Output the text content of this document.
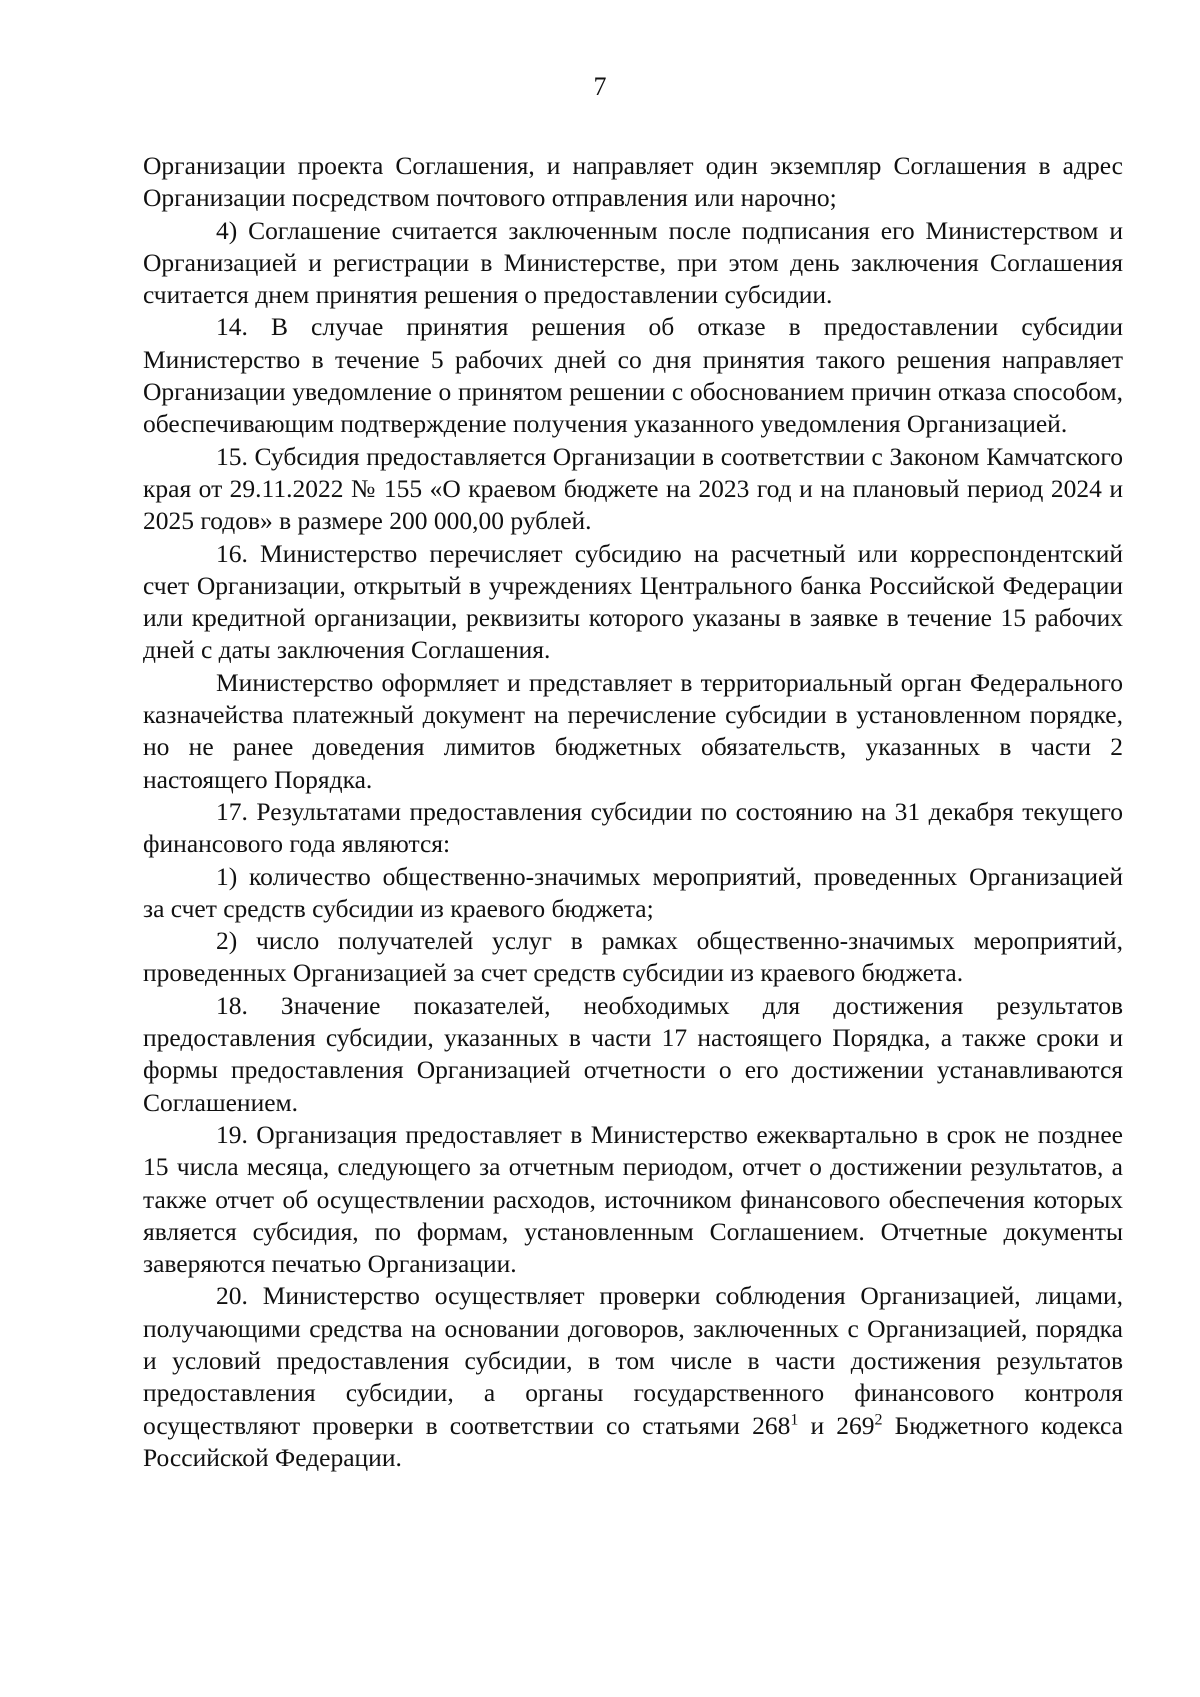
7

Организации проекта Соглашения, и направляет один экземпляр Соглашения в адрес Организации посредством почтового отправления или нарочно;

4) Соглашение считается заключенным после подписания его Министерством и Организацией и регистрации в Министерстве, при этом день заключения Соглашения считается днем принятия решения о предоставлении субсидии.

14. В случае принятия решения об отказе в предоставлении субсидии Министерство в течение 5 рабочих дней со дня принятия такого решения направляет Организации уведомление о принятом решении с обоснованием причин отказа способом, обеспечивающим подтверждение получения указанного уведомления Организацией.

15. Субсидия предоставляется Организации в соответствии с Законом Камчатского края от 29.11.2022 № 155 «О краевом бюджете на 2023 год и на плановый период 2024 и 2025 годов» в размере 200 000,00 рублей.

16. Министерство перечисляет субсидию на расчетный или корреспондентский счет Организации, открытый в учреждениях Центрального банка Российской Федерации или кредитной организации, реквизиты которого указаны в заявке в течение 15 рабочих дней с даты заключения Соглашения.

Министерство оформляет и представляет в территориальный орган Федерального казначейства платежный документ на перечисление субсидии в установленном порядке, но не ранее доведения лимитов бюджетных обязательств, указанных в части 2 настоящего Порядка.

17. Результатами предоставления субсидии по состоянию на 31 декабря текущего финансового года являются:

1) количество общественно-значимых мероприятий, проведенных Организацией за счет средств субсидии из краевого бюджета;

2) число получателей услуг в рамках общественно-значимых мероприятий, проведенных Организацией за счет средств субсидии из краевого бюджета.

18. Значение показателей, необходимых для достижения результатов предоставления субсидии, указанных в части 17 настоящего Порядка, а также сроки и формы предоставления Организацией отчетности о его достижении устанавливаются Соглашением.

19. Организация предоставляет в Министерство ежеквартально в срок не позднее 15 числа месяца, следующего за отчетным периодом, отчет о достижении результатов, а также отчет об осуществлении расходов, источником финансового обеспечения которых является субсидия, по формам, установленным Соглашением. Отчетные документы заверяются печатью Организации.

20. Министерство осуществляет проверки соблюдения Организацией, лицами, получающими средства на основании договоров, заключенных с Организацией, порядка и условий предоставления субсидии, в том числе в части достижения результатов предоставления субсидии, а органы государственного финансового контроля осуществляют проверки в соответствии со статьями $268^1$ и $269^2$ Бюджетного кодекса Российской Федерации.
